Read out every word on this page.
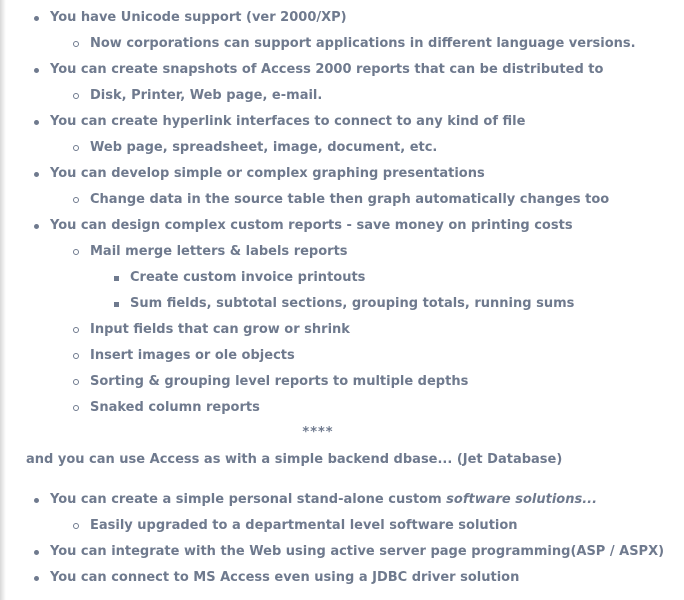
You have Unicode support (ver 2000/XP)
Now corporations can support applications in different language versions.
You can create snapshots of Access 2000 reports that can be distributed to
Disk, Printer, Web page, e-mail.
You can create hyperlink interfaces to connect to any kind of file
Web page, spreadsheet, image, document, etc.
You can develop simple or complex graphing presentations
Change data in the source table then graph automatically changes too
You can design complex custom reports - save money on printing costs
Mail merge letters & labels reports
Create custom invoice printouts
Sum fields, subtotal sections, grouping totals, running sums
Input fields that can grow or shrink
Insert images or ole objects
Sorting & grouping level reports to multiple depths
Snaked column reports
****
and you can use Access as with a simple backend dbase... (Jet Database)
You can create a simple personal stand-alone custom software solutions...
Easily upgraded to a departmental level software solution
You can integrate with the Web using active server page programming(ASP / ASPX)
You can connect to MS Access even using a JDBC driver solution
